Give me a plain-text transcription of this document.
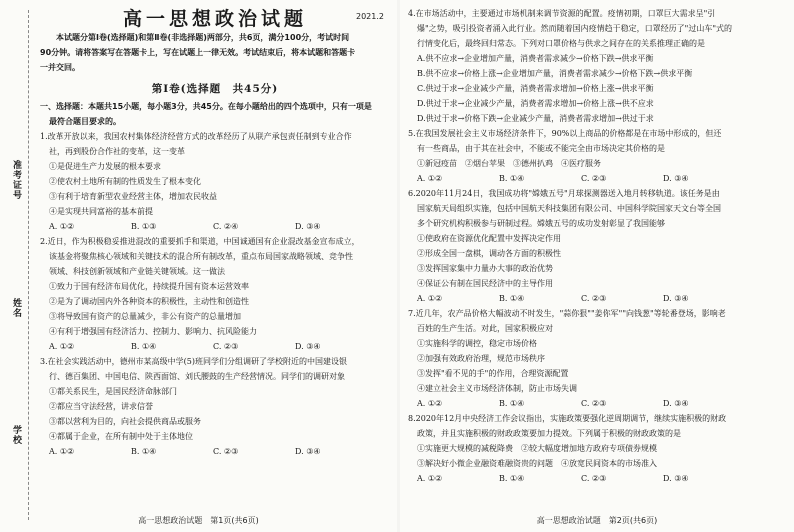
准考证号
姓名
学校
高一思想政治试题	2021.2

本试题分第Ⅰ卷(选择题)和第Ⅱ卷(非选择题)两部分，共6页，满分100分，考试时间

90分钟。请将答案写在答题卡上，写在试题上一律无效。考试结束后，将本试题和答题卡

一并交回。

第Ⅰ卷(选择题　共45分)

一、选择题：本题共15小题，每小题3分，共45分。在每小题给出的四个选项中，只有一项是

最符合题目要求的。

1.改革开放以来，我国农村集体经济经营方式的改革经历了从联产承包责任制到专业合作

社，再到股份合作社的变革，这一变革

①是促进生产力发展的根本要求

②使农村土地所有制的性质发生了根本变化

③有利于培育新型农业经营主体，增加农民收益

④是实现共同富裕的基本前提

A. ①②	B. ①③	C. ②④	D. ③④

2.近日，作为积极稳妥推进混改的重要抓手和渠道，中国诚通国有企业混改基金宣布成立，

该基金将聚焦核心领域和关键技术的混合所有制改革，重点布局国家战略领域、竞争性

领域、科技创新领域和产业链关键领域。这一做法

①致力于国有经济布局优化，持续提升国有资本运营效率

②是为了调动国内外各种资本的积极性，主动性和创造性

③将导致国有资产的总量减少，非公有资产的总量增加

④有利于增强国有经济活力、控制力、影响力、抗风险能力

A. ①②	B. ①④	C. ②③	D. ③④

3.在社会实践活动中，德州市某高级中学(5)班同学们分组调研了学校附近的中国建设银

行、德百集团、中国电信、陕西面馆、刘氏腰鼓的生产经营情况。同学们的调研对象

①都关系民生，是国民经济命脉部门

②都应当守法经营，讲求信誉

③都以营利为目的，向社会提供商品或服务

④都属于企业，在所有制中处于主体地位

A. ①②	B. ①④	C. ②③	D. ③④
高一思想政治试题　第1页(共6页)

4.在市场活动中，主要通过市场机制来调节资源的配置。疫情初期，口罩巨大需求呈"引

爆"之势，吸引投资者涌入此行业。然而随着国内疫情趋于稳定，口罩经历了"过山车"式的

行情变化后，最终回归常态。下列对口罩价格与供求之间存在的关系推理正确的是

A.供不应求→企业增加产量，消费者需求减少→价格下跌→供求平衡

B.供不应求→价格上涨→企业增加产量，消费者需求减少→价格下跌→供求平衡

C.供过于求→企业减少产量，消费者需求增加→价格上涨→供求平衡

D.供过于求→企业减少产量，消费者需求增加→价格上涨→供不应求

D.供过于求→价格下跌→企业减少产量，消费者需求增加→供过于求

5.在我国发展社会主义市场经济条件下，90%以上商品的价格都是在市场中形成的，但还

有一些商品，由于其在社会中，不能或不能完全由市场决定其价格的是

①新冠疫苗　②烟台苹果　③德州扒鸡　④医疗服务

A. ①②	B. ①④	C. ②③	D. ③④

6.2020年11月24日，我国成功将"嫦娥五号"月球探测器送入地月转移轨道。该任务是由

国家航天局组织实施，包括中国航天科技集团有限公司、中国科学院国家天文台等全国

多个研究机构积极参与研制过程。嫦娥五号的成功发射彰显了我国能够

①使政府在资源优化配置中发挥决定作用

②形成全国一盘棋，调动各方面的积极性

③发挥国家集中力量办大事的政治优势

④保证公有制在国民经济中的主导作用

A. ①②	B. ①④	C. ②③	D. ③④

7.近几年，农产品价格大幅波动不时发生，"蒜你狠""姜你军""向钱葱"等轮番登场，影响老

百姓的生产生活。对此，国家积极应对

①实施科学的调控，稳定市场价格

②加强有效政府治理，规范市场秩序

③发挥"看不见的手"的作用，合理资源配置

④建立社会主义市场经济体制，防止市场失调

A. ①②	B. ①④	C. ②③	D. ③④

8.2020年12月中央经济工作会议指出，实施政策要强化逆周期调节，继续实施积极的财政

政策，并且实施积极的财政政策要加力提效。下列属于积极的财政政策的是

①实施更大规模的减税降费　②较大幅度增加地方政府专项债券规模

③解决好小微企业融资难融资贵的问题　④放宽民间资本的市场准入

A. ①②	B. ①④	C. ②③	D. ③④
高一思想政治试题　第2页(共6页)
